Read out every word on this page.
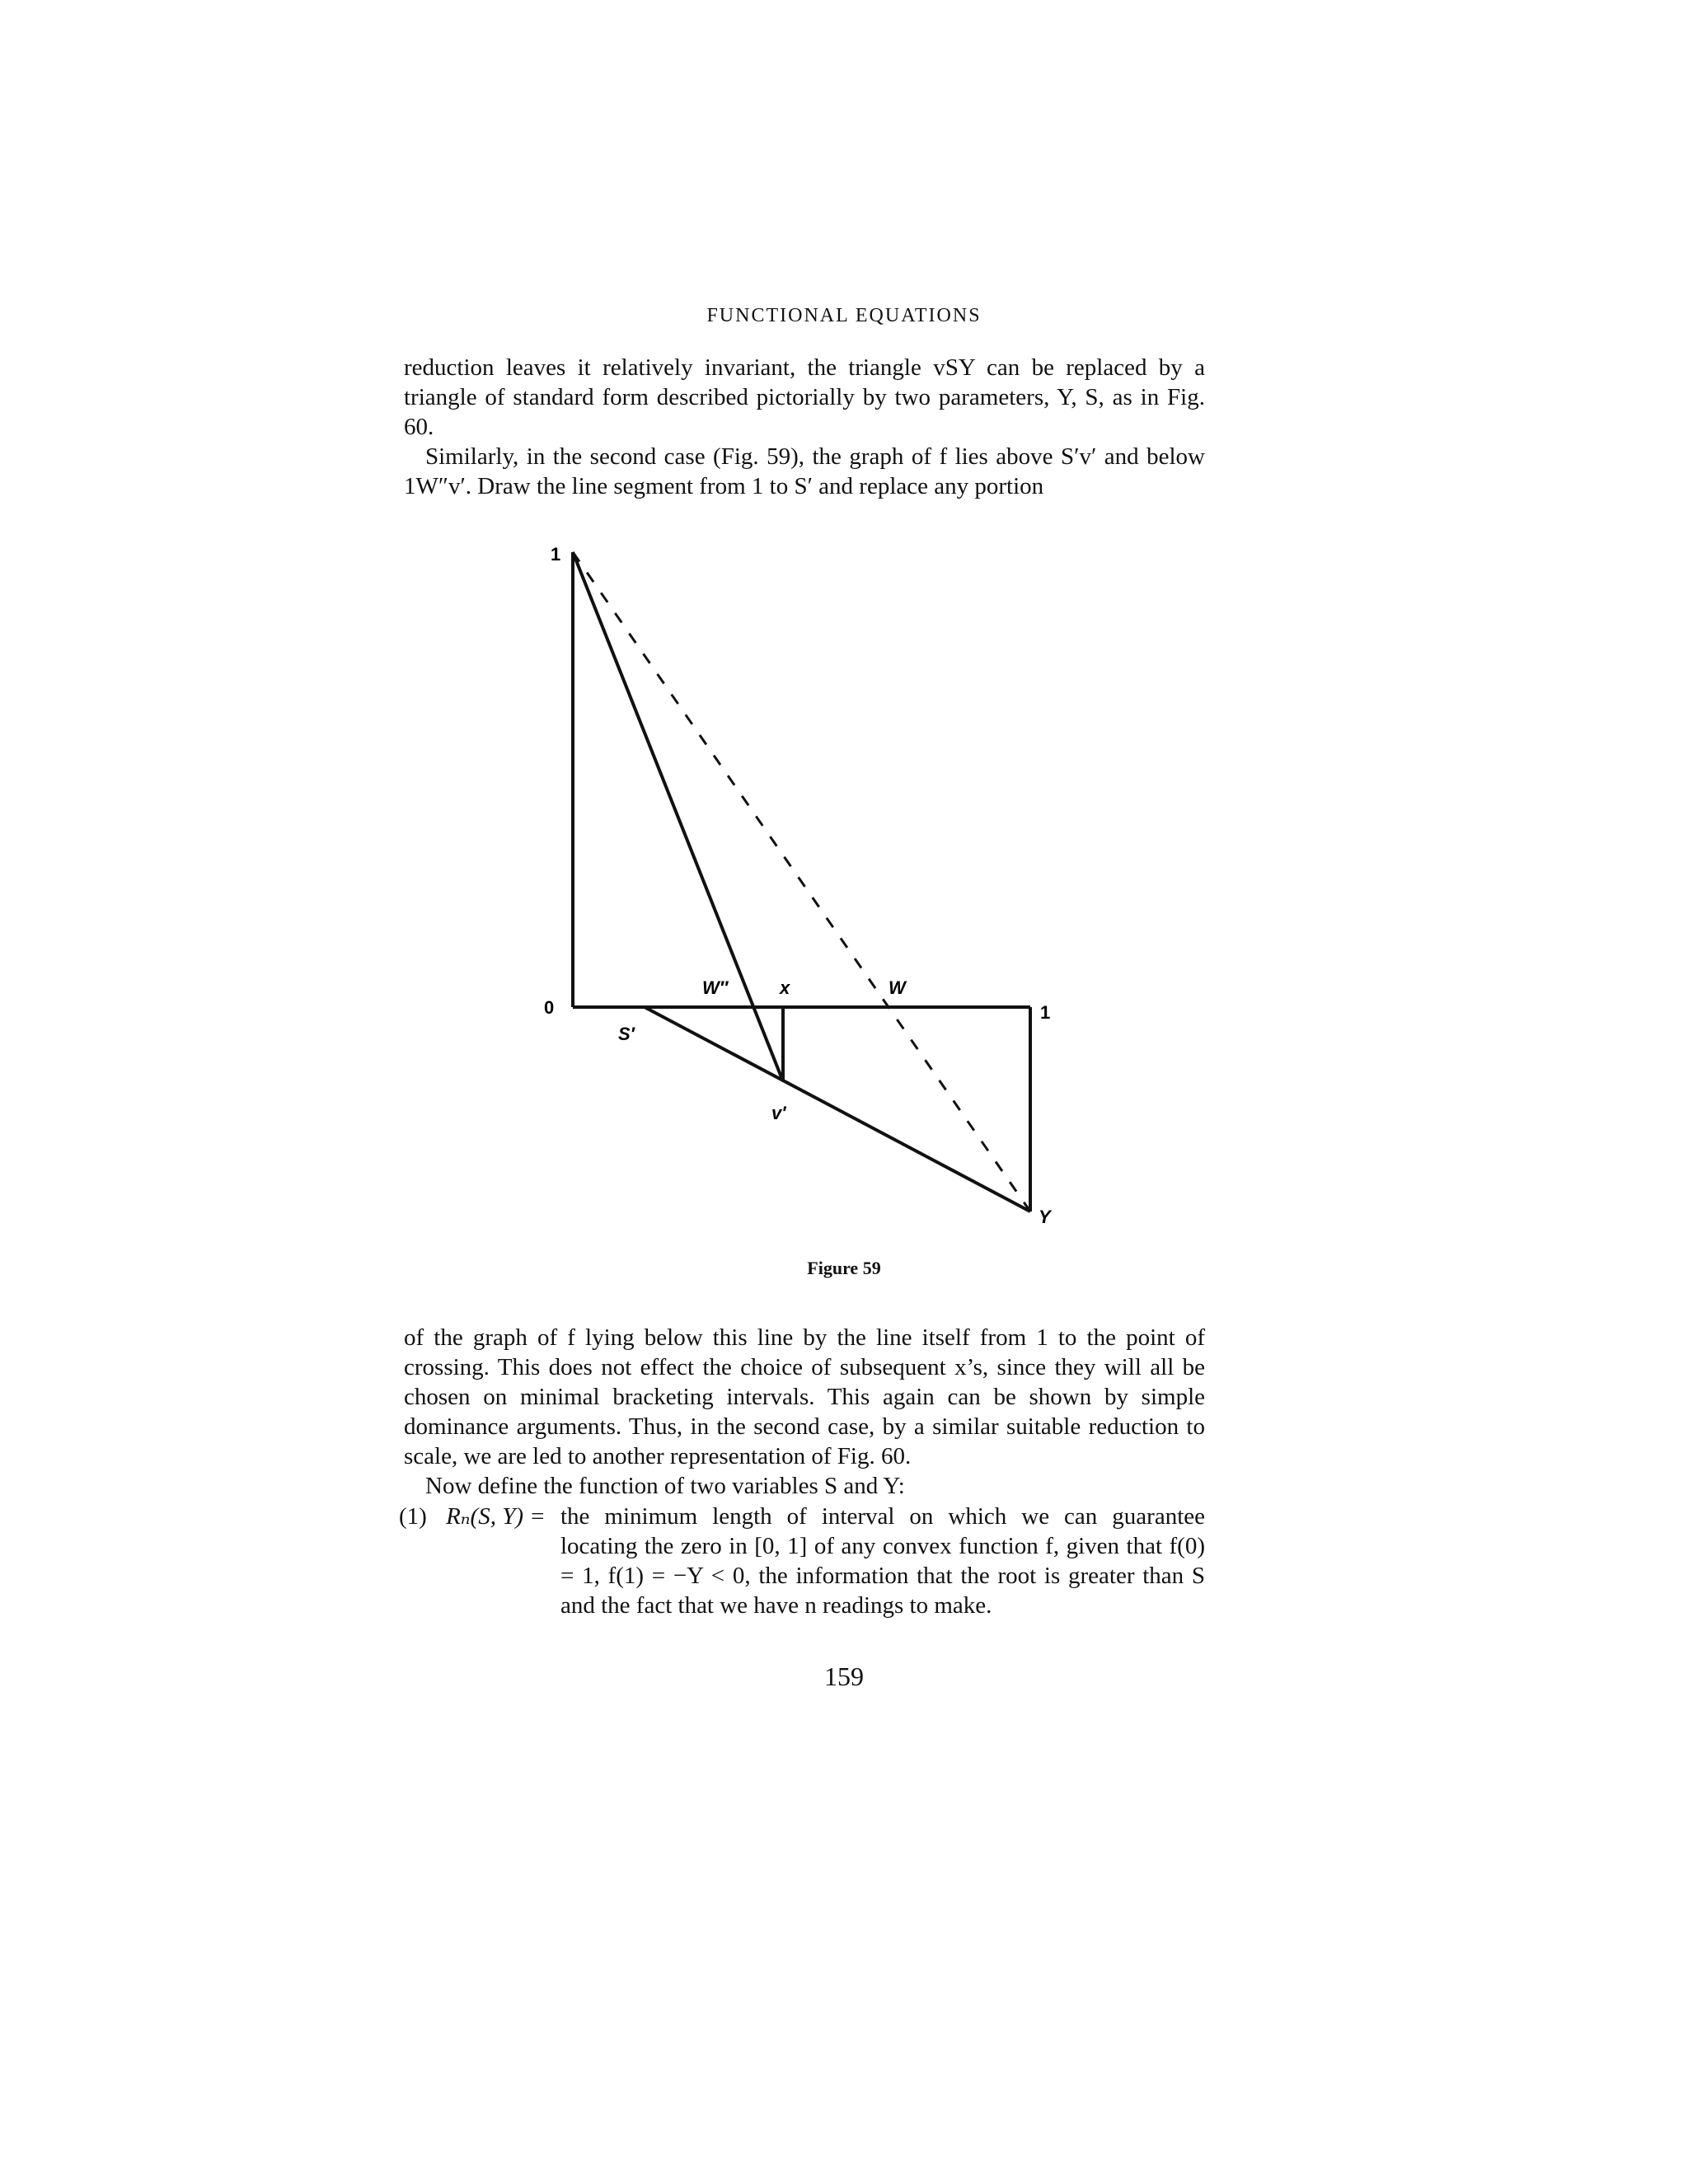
FUNCTIONAL EQUATIONS

reduction leaves it relatively invariant, the triangle vSY can be replaced by a triangle of standard form described pictorially by two parameters, Y, S, as in Fig. 60.

Similarly, in the second case (Fig. 59), the graph of f lies above S′v′ and below 1W″v′. Draw the line segment from 1 to S′ and replace any portion

1
0	1
S′
W″	x	W
v′
Y
Figure 59

of the graph of f lying below this line by the line itself from 1 to the point of crossing. This does not effect the choice of subsequent x’s, since they will all be chosen on minimal bracketing intervals. This again can be shown by simple dominance arguments. Thus, in the second case, by a similar suitable reduction to scale, we are led to another representation of Fig. 60.

Now define the function of two variables S and Y:

(1) Rₙ(S, Y) = the minimum length of interval on which we can guarantee locating the zero in [0, 1] of any convex function f, given that f(0) = 1, f(1) = −Y < 0, the information that the root is greater than S and the fact that we have n readings to make.

159
